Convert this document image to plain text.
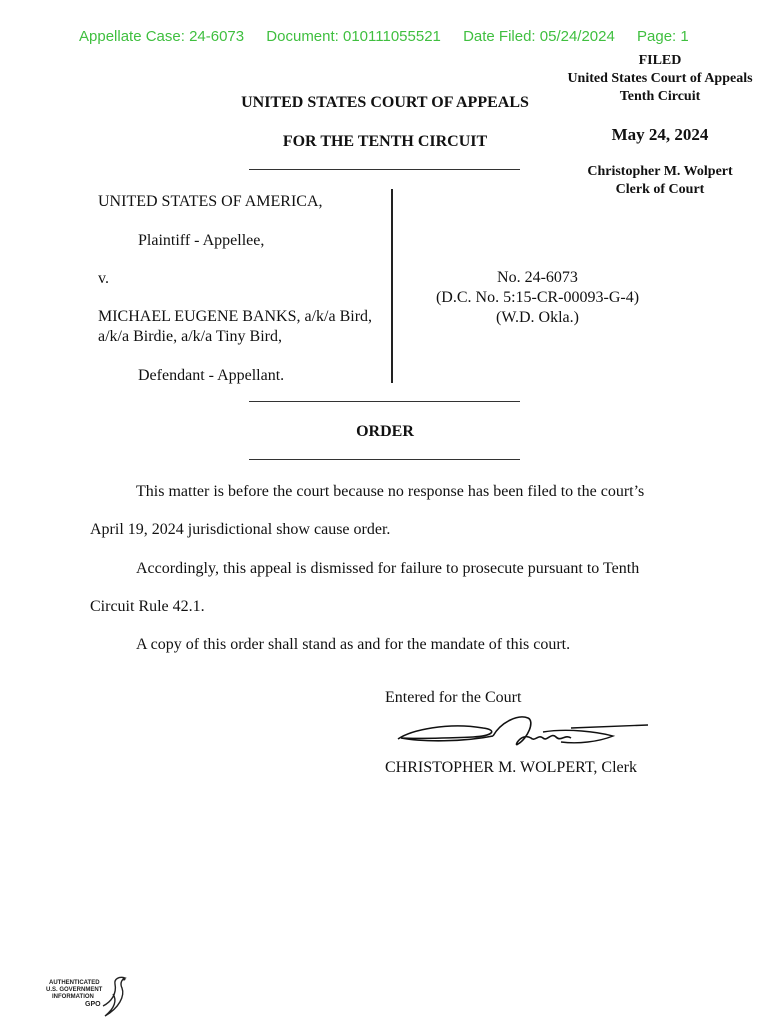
Appellate Case: 24-6073 Document: 010111055521 Date Filed: 05/24/2024 Page: 1
FILED
United States Court of Appeals
Tenth Circuit
May 24, 2024
Christopher M. Wolpert
Clerk of Court
UNITED STATES COURT OF APPEALS
FOR THE TENTH CIRCUIT
UNITED STATES OF AMERICA,
Plaintiff - Appellee,
v.
MICHAEL EUGENE BANKS, a/k/a Bird,
a/k/a Birdie, a/k/a Tiny Bird,
Defendant - Appellant.
No. 24-6073
(D.C. No. 5:15-CR-00093-G-4)
(W.D. Okla.)
ORDER
This matter is before the court because no response has been filed to the court’s
April 19, 2024 jurisdictional show cause order.
Accordingly, this appeal is dismissed for failure to prosecute pursuant to Tenth
Circuit Rule 42.1.
A copy of this order shall stand as and for the mandate of this court.
Entered for the Court
CHRISTOPHER M. WOLPERT, Clerk
AUTHENTICATED
U.S. GOVERNMENT
INFORMATION
GPO
